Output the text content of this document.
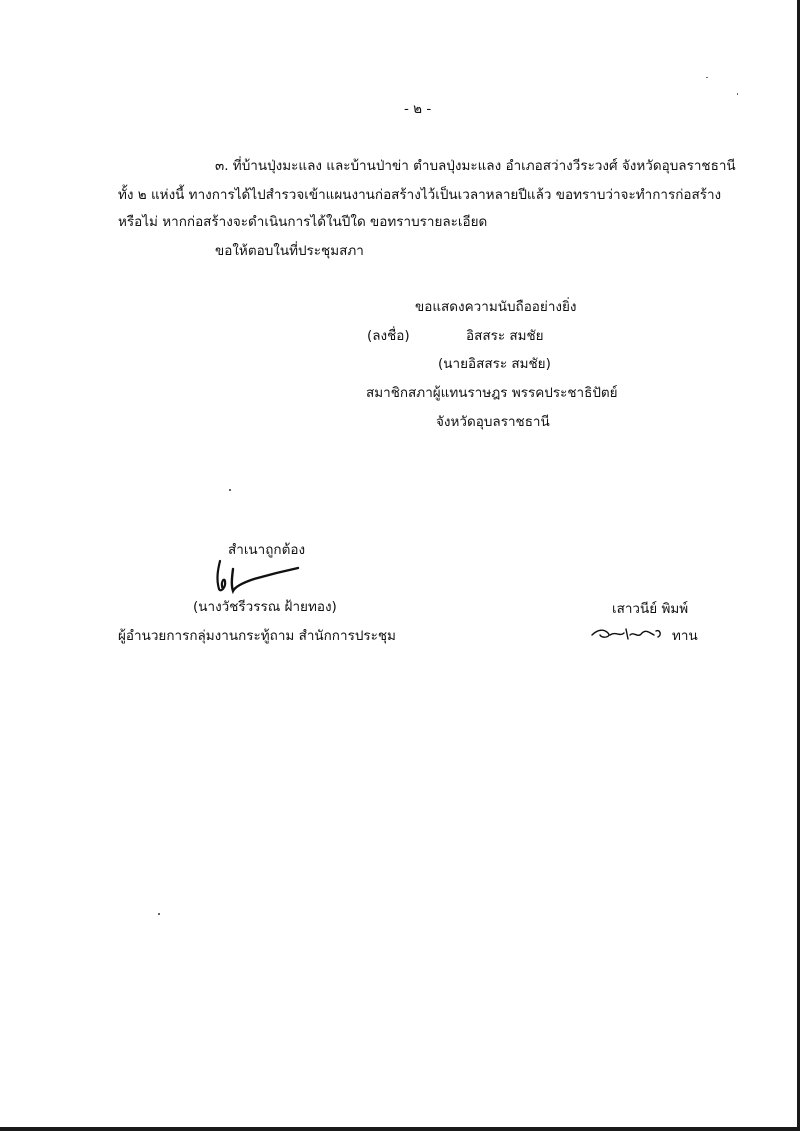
- ๒ -
๓. ที่บ้านปุ่งมะแลง และบ้านป่าข่า ตำบลปุ่งมะแลง อำเภอสว่างวีระวงศ์ จังหวัดอุบลราชธานี
ทั้ง ๒ แห่งนี้ ทางการได้ไปสำรวจเข้าแผนงานก่อสร้างไว้เป็นเวลาหลายปีแล้ว ขอทราบว่าจะทำการก่อสร้าง
หรือไม่ หากก่อสร้างจะดำเนินการได้ในปีใด ขอทราบรายละเอียด
ขอให้ตอบในที่ประชุมสภา
ขอแสดงความนับถืออย่างยิ่ง
(ลงชื่อ)	อิสสระ สมชัย
(นายอิสสระ สมชัย)
สมาชิกสภาผู้แทนราษฎร พรรคประชาธิปัตย์
จังหวัดอุบลราชธานี
สำเนาถูกต้อง
(นางวัชรีวรรณ ฝ้ายทอง)
ผู้อำนวยการกลุ่มงานกระทู้ถาม สำนักการประชุม
เสาวนีย์ พิมพ์
ทาน
